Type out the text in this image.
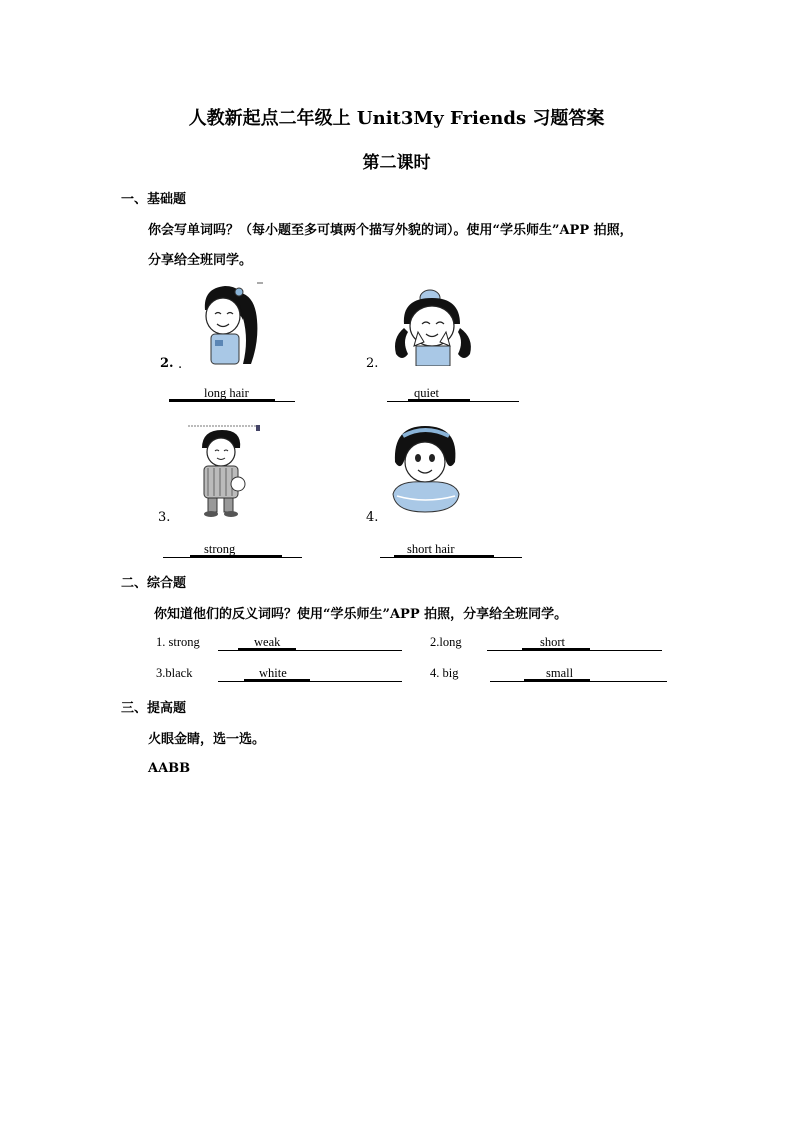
人教新起点二年级上 Unit3My Friends 习题答案
第二课时
一、基础题
你会写单词吗？（每小题至多可填两个描写外貌的词）。使用“学乐师生”APP 拍照，
分享给全班同学。
2. .
long hair
2.
quiet
3.
strong
4.
short hair
二、综合题
你知道他们的反义词吗？使用“学乐师生”APP 拍照，分享给全班同学。
1. strong	weak	2.long	short
3.black	white	4. big	small
三、提高题
火眼金睛，选一选。
AABB
